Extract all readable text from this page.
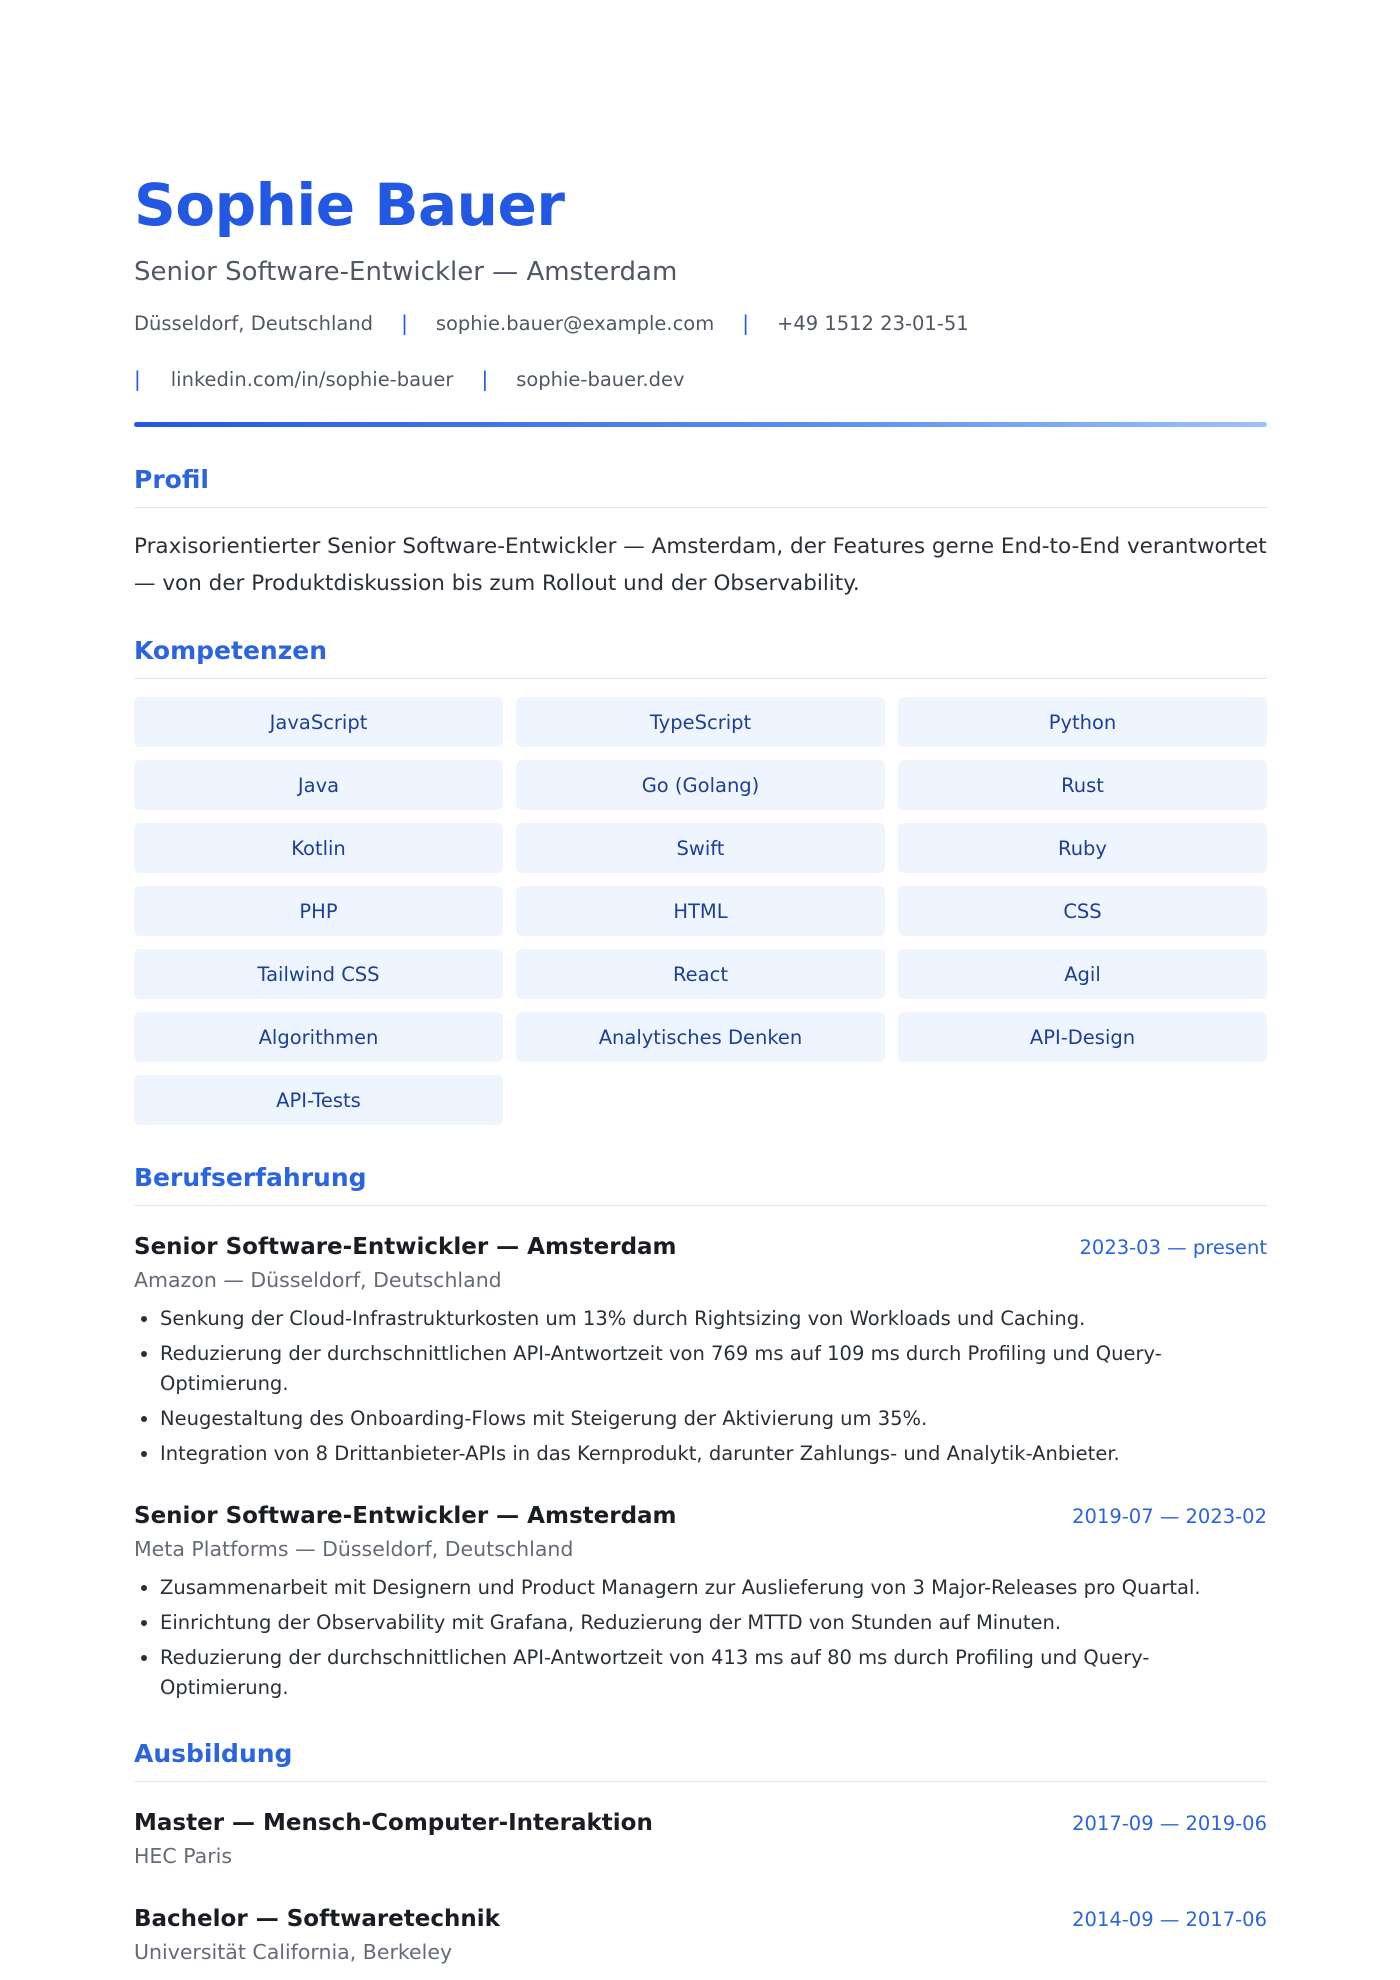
Sophie Bauer
Senior Software-Entwickler — Amsterdam
Düsseldorf, Deutschland | sophie.bauer@example.com | +49 1512 23-01-51
| linkedin.com/in/sophie-bauer | sophie-bauer.dev
Profil

Praxisorientierter Senior Software-Entwickler — Amsterdam, der Features gerne End-to-End verantwortet — von der Produktdiskussion bis zum Rollout und der Observability.

Kompetenzen
JavaScript	TypeScript	Python
Java	Go (Golang)	Rust
Kotlin	Swift	Ruby
PHP	HTML	CSS
Tailwind CSS	React	Agil
Algorithmen	Analytisches Denken	API-Design
API-Tests
Berufserfahrung
Senior Software-Entwickler — Amsterdam	2023-03 — present
Amazon — Düsseldorf, Deutschland
• Senkung der Cloud-Infrastrukturkosten um 13% durch Rightsizing von Workloads und Caching.
• Reduzierung der durchschnittlichen API-Antwortzeit von 769 ms auf 109 ms durch Profiling und Query-Optimierung.
• Neugestaltung des Onboarding-Flows mit Steigerung der Aktivierung um 35%.
• Integration von 8 Drittanbieter-APIs in das Kernprodukt, darunter Zahlungs- und Analytik-Anbieter.
Senior Software-Entwickler — Amsterdam	2019-07 — 2023-02
Meta Platforms — Düsseldorf, Deutschland
• Zusammenarbeit mit Designern und Product Managern zur Auslieferung von 3 Major-Releases pro Quartal.
• Einrichtung der Observability mit Grafana, Reduzierung der MTTD von Stunden auf Minuten.
• Reduzierung der durchschnittlichen API-Antwortzeit von 413 ms auf 80 ms durch Profiling und Query-Optimierung.
Ausbildung
Master — Mensch-Computer-Interaktion	2017-09 — 2019-06
HEC Paris
Bachelor — Softwaretechnik	2014-09 — 2017-06
Universität California, Berkeley
